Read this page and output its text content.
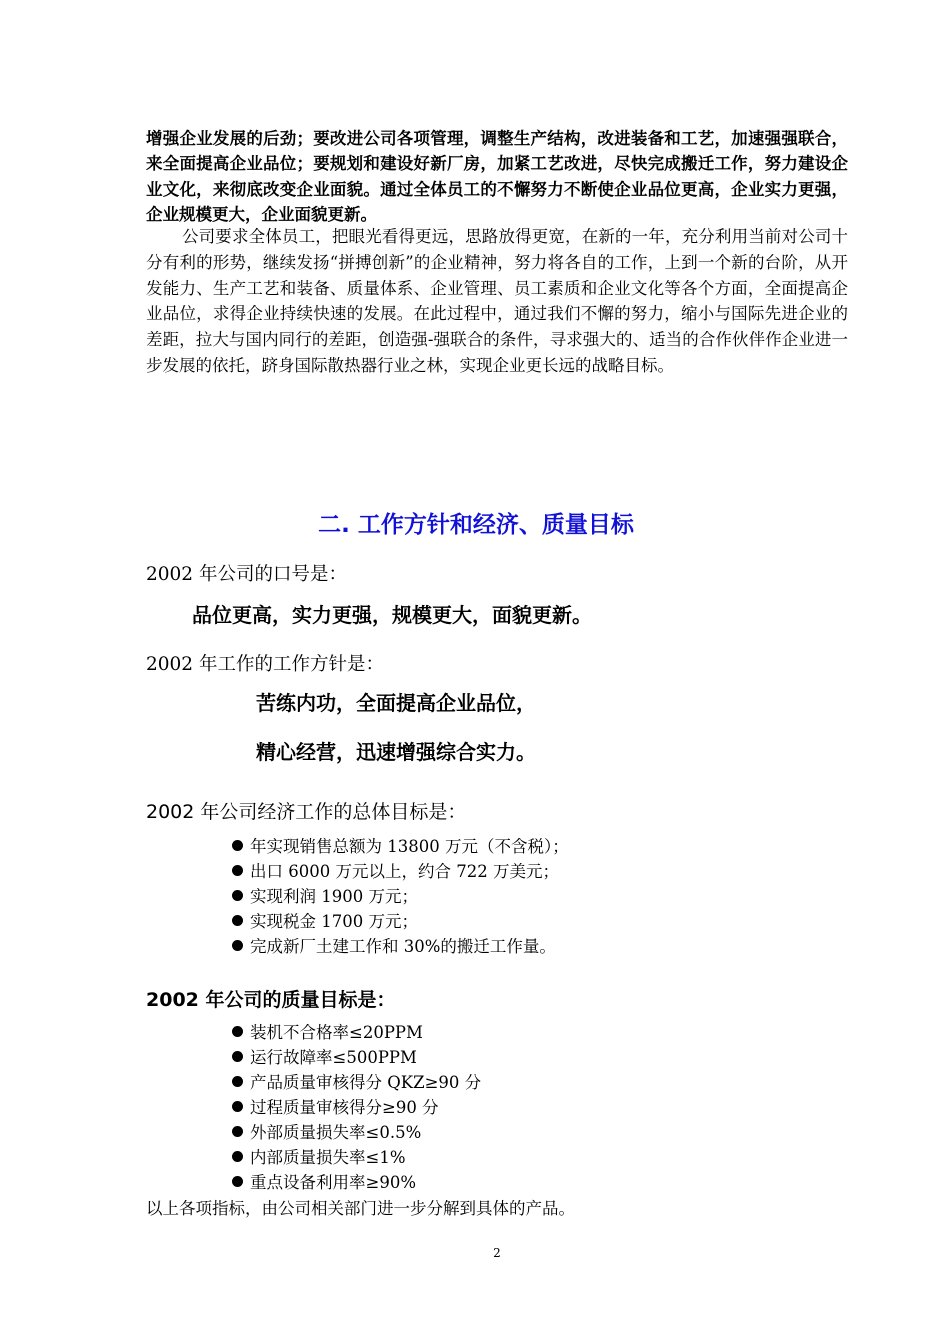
增强企业发展的后劲；要改进公司各项管理，调整生产结构，改进装备和工艺，加速强强联合，来全面提高企业品位；要规划和建设好新厂房，加紧工艺改进，尽快完成搬迁工作，努力建设企业文化，来彻底改变企业面貌。通过全体员工的不懈努力不断使企业品位更高，企业实力更强，企业规模更大，企业面貌更新。
公司要求全体员工，把眼光看得更远，思路放得更宽，在新的一年，充分利用当前对公司十分有利的形势，继续发扬“拼搏创新”的企业精神，努力将各自的工作，上到一个新的台阶，从开发能力、生产工艺和装备、质量体系、企业管理、员工素质和企业文化等各个方面，全面提高企业品位，求得企业持续快速的发展。在此过程中，通过我们不懈的努力，缩小与国际先进企业的差距，拉大与国内同行的差距，创造强-强联合的条件，寻求强大的、适当的合作伙伴作企业进一步发展的依托，跻身国际散热器行业之林，实现企业更长远的战略目标。
二. 工作方针和经济、质量目标
2002 年公司的口号是：
品位更高，实力更强，规模更大，面貌更新。
2002 年工作的工作方针是：
苦练内功，全面提高企业品位，
精心经营，迅速增强综合实力。
2002 年公司经济工作的总体目标是：
年实现销售总额为 13800 万元（不含税）；
出口 6000 万元以上，约合 722 万美元；
实现利润 1900 万元；
实现税金 1700 万元；
完成新厂土建工作和 30%的搬迁工作量。
2002 年公司的质量目标是：
装机不合格率≤20PPM
运行故障率≤500PPM
产品质量审核得分 QKZ≥90 分
过程质量审核得分≥90 分
外部质量损失率≤0.5%
内部质量损失率≤1%
重点设备利用率≥90%
以上各项指标，由公司相关部门进一步分解到具体的产品。
2
